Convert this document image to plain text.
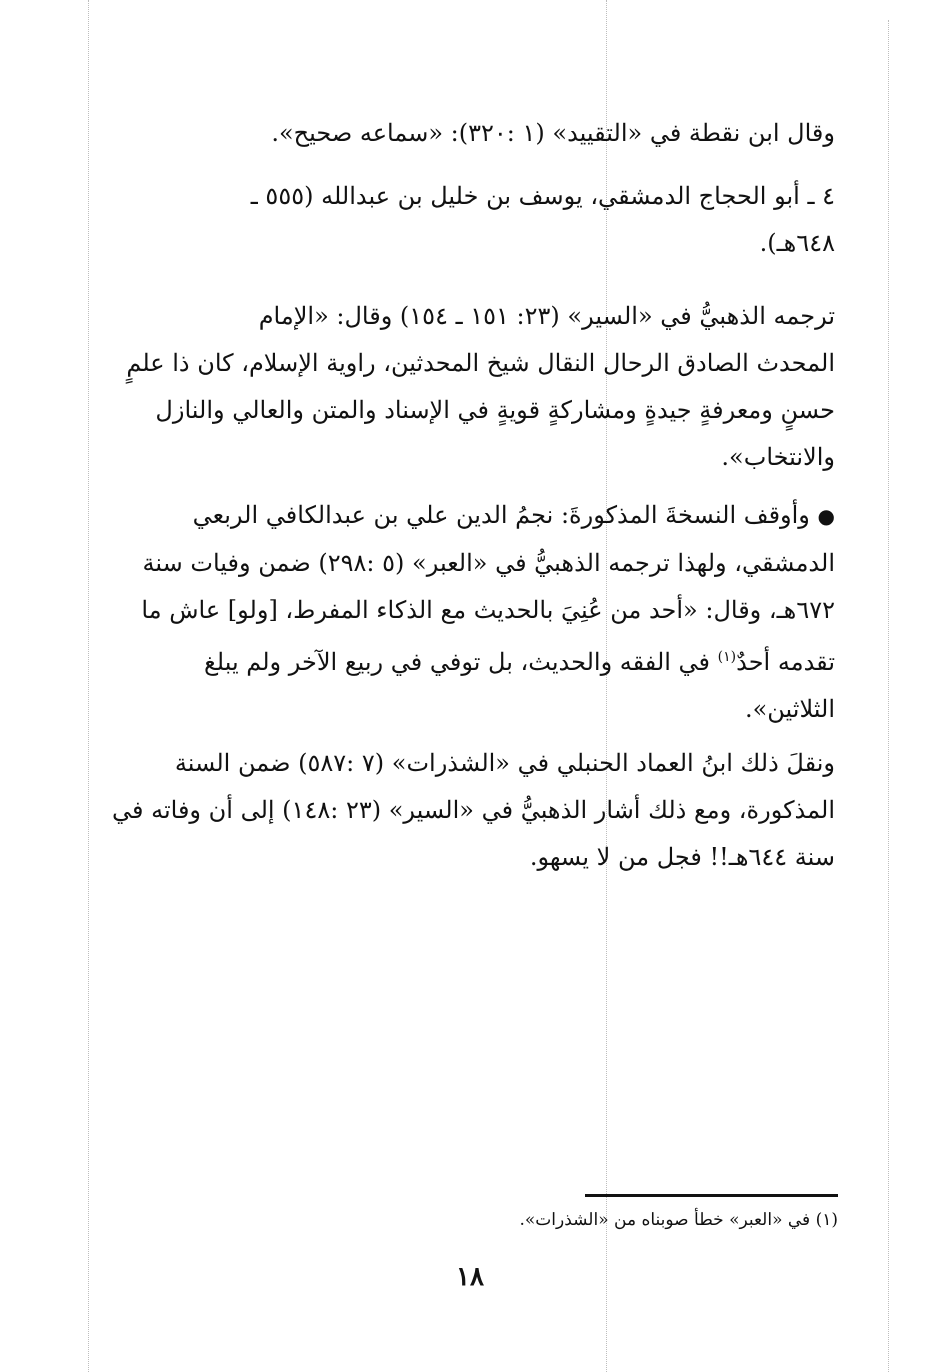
وقال ابن نقطة في «التقييد» (١ :٣٢٠): «سماعه صحيح».
٤ ـ أبو الحجاج الدمشقي، يوسف بن خليل بن عبدالله (٥٥٥ ـ
٦٤٨هـ).
ترجمه الذهبيُّ في «السير» (٢٣: ١٥١ ـ ١٥٤) وقال: «الإمام
المحدث الصادق الرحال النقال شيخ المحدثين، راوية الإسلام، كان ذا علمٍ
حسنٍ ومعرفةٍ جيدةٍ ومشاركةٍ قويةٍ في الإسناد والمتن والعالي والنازل
والانتخاب».
● وأوقف النسخةَ المذكورةَ: نجمُ الدين علي بن عبدالكافي الربعي
الدمشقي، ولهذا ترجمه الذهبيُّ في «العبر» (٥ :٢٩٨) ضمن وفيات سنة
٦٧٢هـ، وقال: «أحد من عُنِيَ بالحديث مع الذكاء المفرط، [ولو] عاش ما
تقدمه أحدٌ$^{(١)}$ في الفقه والحديث، بل توفي في ربيع الآخر ولم يبلغ
الثلاثين».
ونقلَ ذلك ابنُ العماد الحنبلي في «الشذرات» (٧ :٥٨٧) ضمن السنة
المذكورة، ومع ذلك أشار الذهبيُّ في «السير» (٢٣ :١٤٨) إلى أن وفاته في
سنة ٦٤٤هـ!! فجل من لا يسهو.
(١) في «العبر» خطأ صوبناه من «الشذرات».
١٨
